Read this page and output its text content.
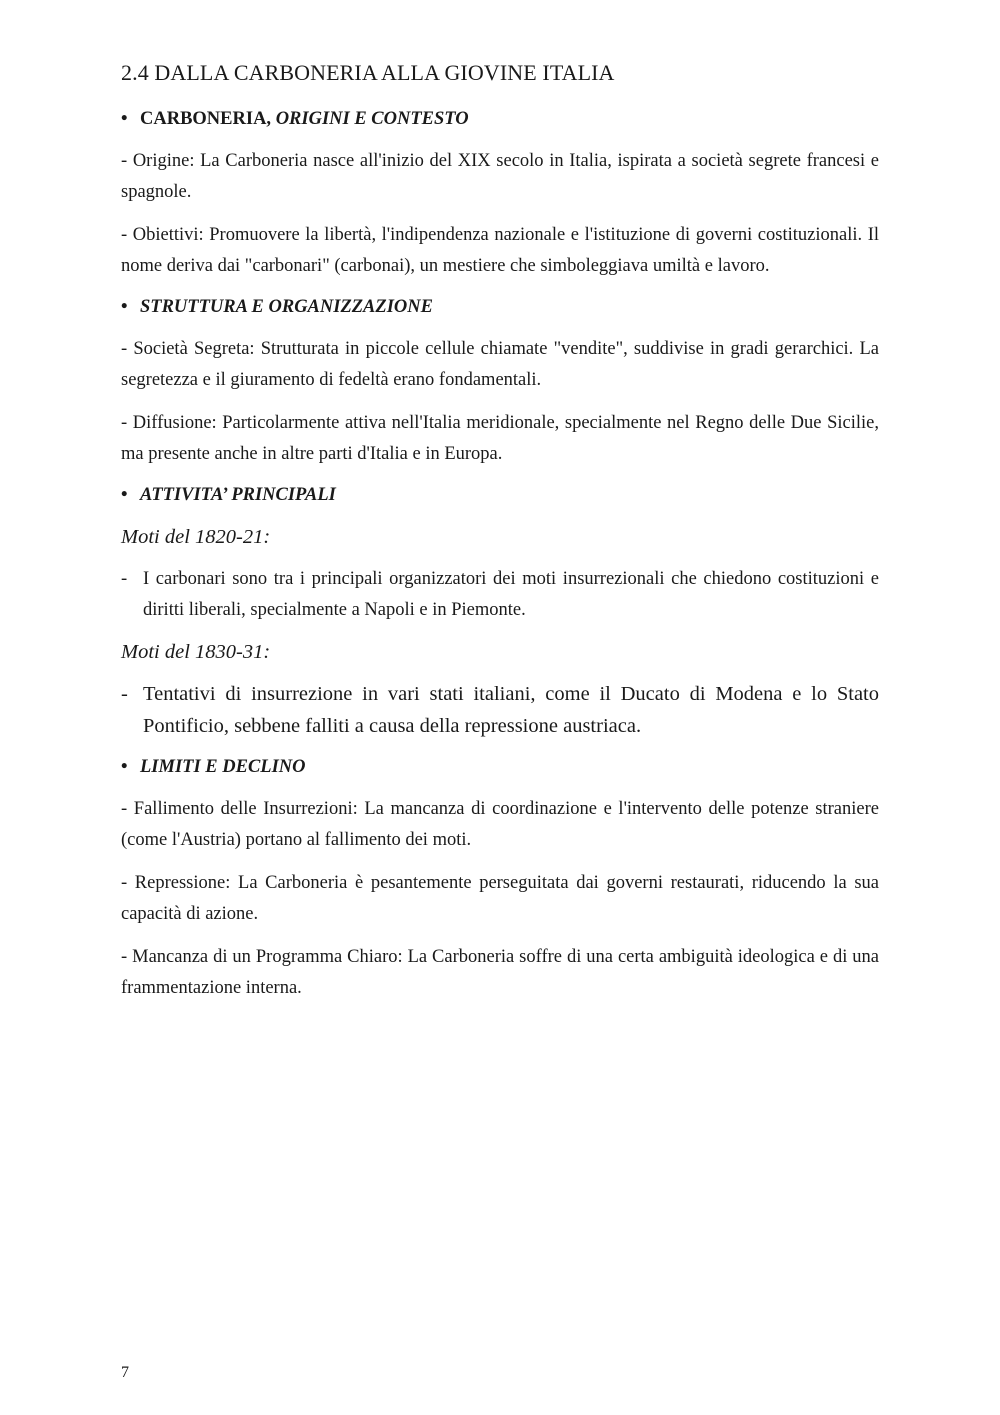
2.4 DALLA CARBONERIA ALLA GIOVINE ITALIA
• CARBONERIA,
ORIGINI E CONTESTO

- Origine: La Carboneria nasce all'inizio del XIX secolo in Italia, ispirata a società segrete francesi e spagnole.

- Obiettivi: Promuovere la libertà, l'indipendenza nazionale e l'istituzione di governi costituzionali. Il nome deriva dai "carbonari" (carbonai), un mestiere che simboleggiava umiltà e lavoro.

• STRUTTURA E ORGANIZZAZIONE

- Società Segreta: Strutturata in piccole cellule chiamate "vendite", suddivise in gradi gerarchici. La segretezza e il giuramento di fedeltà erano fondamentali.

- Diffusione: Particolarmente attiva nell'Italia meridionale, specialmente nel Regno delle Due Sicilie, ma presente anche in altre parti d'Italia e in Europa.

• ATTIVITA’ PRINCIPALI
Moti del 1820-21:
- I carbonari sono tra i principali organizzatori dei moti insurrezionali che chiedono costituzioni e diritti liberali, specialmente a Napoli e in Piemonte.
Moti del 1830-31:
- Tentativi di insurrezione in vari stati italiani, come il Ducato di Modena e lo Stato Pontificio, sebbene falliti a causa della repressione austriaca.
• LIMITI E DECLINO

- Fallimento delle Insurrezioni: La mancanza di coordinazione e l'intervento delle potenze straniere (come l'Austria) portano al fallimento dei moti.

- Repressione: La Carboneria è pesantemente perseguitata dai governi restaurati, riducendo la sua capacità di azione.

- Mancanza di un Programma Chiaro: La Carboneria soffre di una certa ambiguità ideologica e di una frammentazione interna.

7
